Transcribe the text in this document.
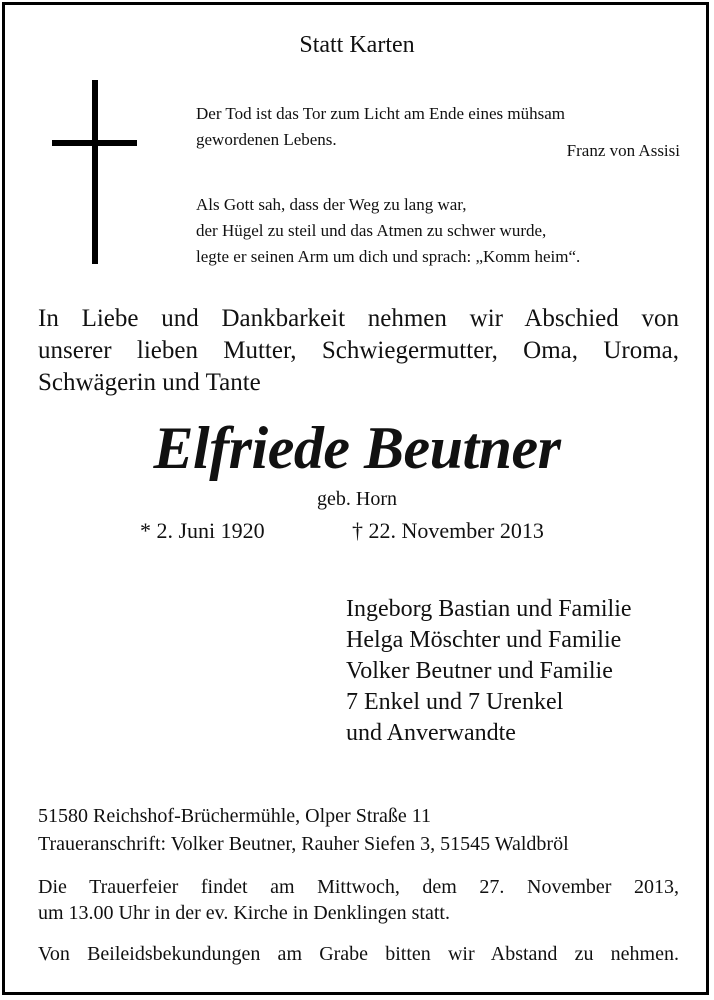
Statt Karten
Der Tod ist das Tor zum Licht am Ende eines mühsam
gewordenen Lebens.
Franz von Assisi
Als Gott sah, dass der Weg zu lang war,
der Hügel zu steil und das Atmen zu schwer wurde,
legte er seinen Arm um dich und sprach: „Komm heim“.
In Liebe und Dankbarkeit nehmen wir Abschied von
unserer lieben Mutter, Schwiegermutter, Oma, Uroma,
Schwägerin und Tante
Elfriede Beutner
geb. Horn
* 2. Juni 1920	† 22. November 2013
Ingeborg Bastian und Familie
Helga Möschter und Familie
Volker Beutner und Familie
7 Enkel und 7 Urenkel
und Anverwandte
51580 Reichshof-Brüchermühle, Olper Straße 11
Traueranschrift: Volker Beutner, Rauher Siefen 3, 51545 Waldbröl
Die Trauerfeier findet am Mittwoch, dem 27. November 2013,
um 13.00 Uhr in der ev. Kirche in Denklingen statt.
Von Beileidsbekundungen am Grabe bitten wir Abstand zu nehmen.
